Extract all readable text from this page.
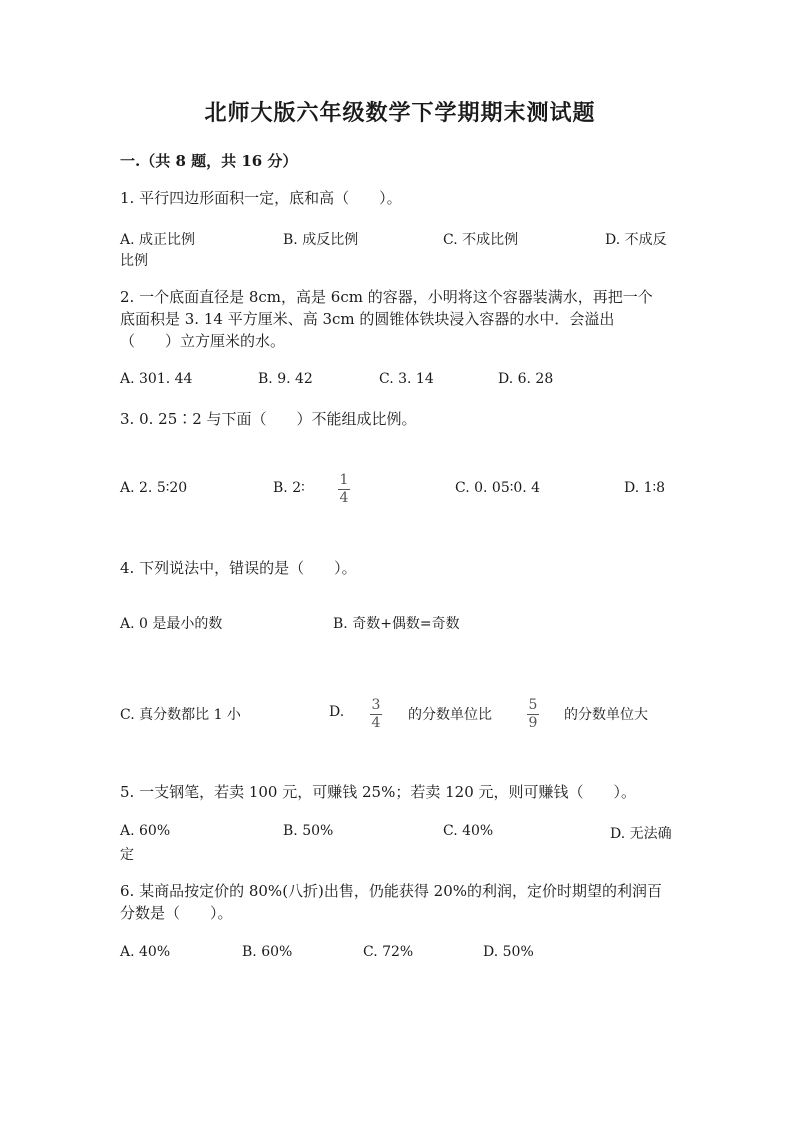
北师大版六年级数学下学期期末测试题
一.（共 8 题，共 16 分）
1. 平行四边形面积一定，底和高（　　）。
A. 成正比例	B. 成反比例	C. 不成比例	D. 不成反
比例
2. 一个底面直径是 8cm，高是 6cm 的容器，小明将这个容器装满水，再把一个
底面积是 3. 14 平方厘米、高 3cm 的圆锥体铁块浸入容器的水中．会溢出
（　　）立方厘米的水。
A. 301. 44	B. 9. 42	C. 3. 14	D. 6. 28
3. 0. 25∶2 与下面（　　）不能组成比例。
A. 2. 5∶20	B. 2∶ 1
4
C. 0. 05∶0. 4	D. 1∶8
4. 下列说法中，错误的是（　　）。
A. 0 是最小的数	B. 奇数+偶数=奇数
C. 真分数都比 1 小	D. 3
4 的分数单位比
5
9 的分数单位大
5. 一支钢笔，若卖 100 元，可赚钱 25%；若卖 120 元，则可赚钱（　　）。
A. 60%	B. 50%	C. 40%	D. 无法确
定
6. 某商品按定价的 80%(八折)出售，仍能获得 20%的利润，定价时期望的利润百
分数是（　　）。
A. 40%	B. 60%	C. 72%	D. 50%
